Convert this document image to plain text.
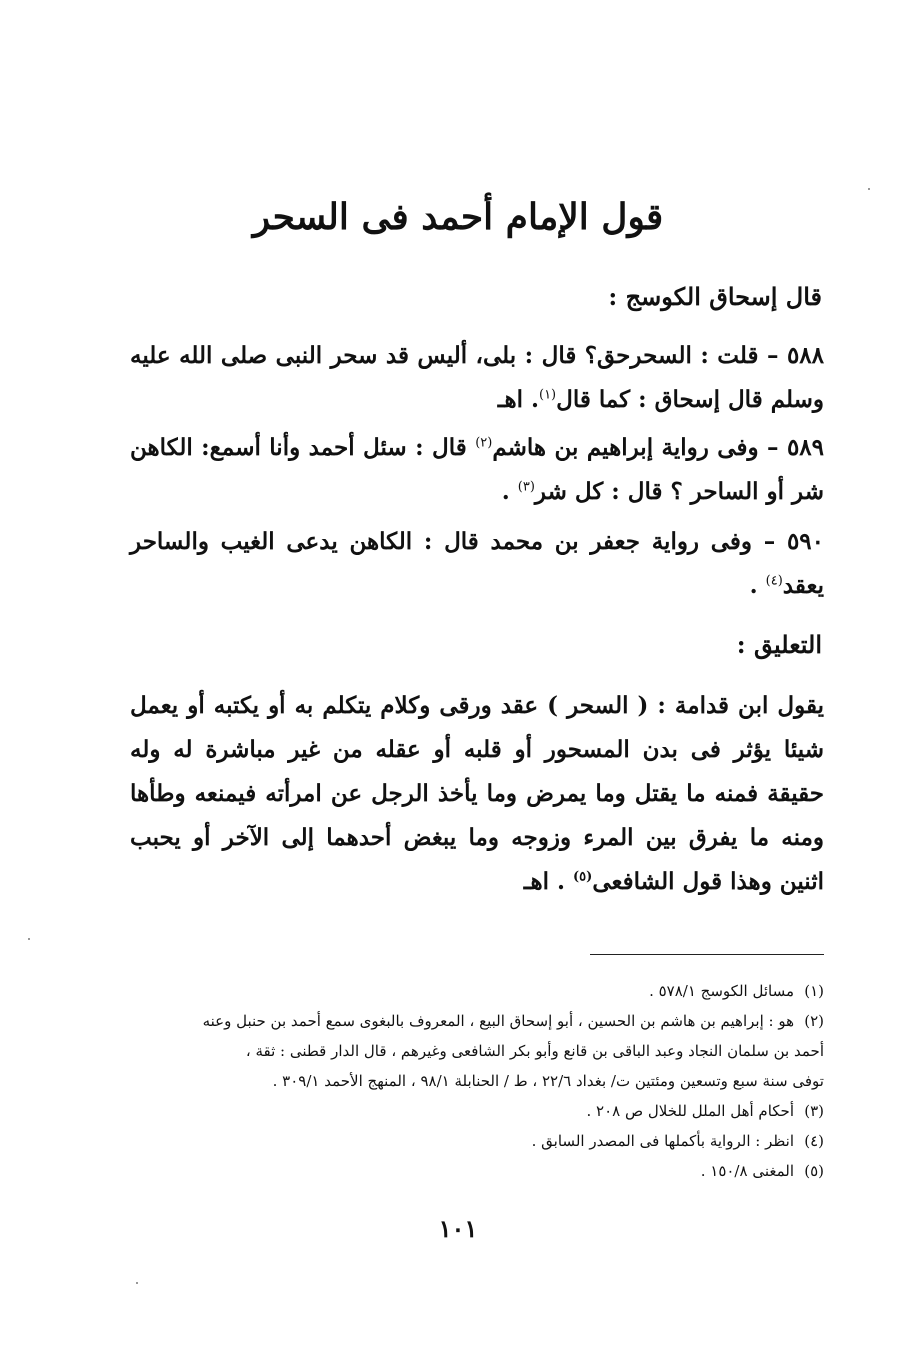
قول الإمام أحمد فى السحر
قال إسحاق الكوسج :
٥٨٨ – قلت : السحرحق؟ قال : بلى، أليس قد سحر النبى صلى الله عليه وسلم قال إسحاق : كما قال$^{(١)}$. اهـ
٥٨٩ – وفى رواية إبراهيم بن هاشم$^{(٢)}$ قال : سئل أحمد وأنا أسمع: الكاهن شر أو الساحر ؟ قال : كل شر$^{(٣)}$ .
٥٩٠ – وفى رواية جعفر بن محمد قال : الكاهن يدعى الغيب والساحر يعقد$^{(٤)}$ .
التعليق :
يقول ابن قدامة : ( السحر ) عقد ورقى وكلام يتكلم به أو يكتبه أو يعمل شيئا يؤثر فى بدن المسحور أو قلبه أو عقله من غير مباشرة له وله حقيقة فمنه ما يقتل وما يمرض وما يأخذ الرجل عن امرأته فيمنعه وطأها ومنه ما يفرق بين المرء وزوجه وما يبغض أحدهما إلى الآخر أو يحبب اثنين وهذا قول الشافعى$^{(٥)}$ . اهـ
(١)مسائل الكوسج ٥٧٨/١ .
(٢)هو : إبراهيم بن هاشم بن الحسين ، أبو إسحاق البيع ، المعروف بالبغوى سمع أحمد بن حنبل وعنه
أحمد بن سلمان النجاد وعبد الباقى بن قانع وأبو بكر الشافعى وغيرهم ، قال الدار قطنى : ثقة ،
توفى سنة سبع وتسعين ومئتين ت/ بغداد ٢٢/٦ ، ط / الحنابلة ٩٨/١ ، المنهج الأحمد ٣٠٩/١ .
(٣)أحكام أهل الملل للخلال ص ٢٠٨ .
(٤)انظر : الرواية بأكملها فى المصدر السابق .
(٥)المغنى ١٥٠/٨ .
١٠١
